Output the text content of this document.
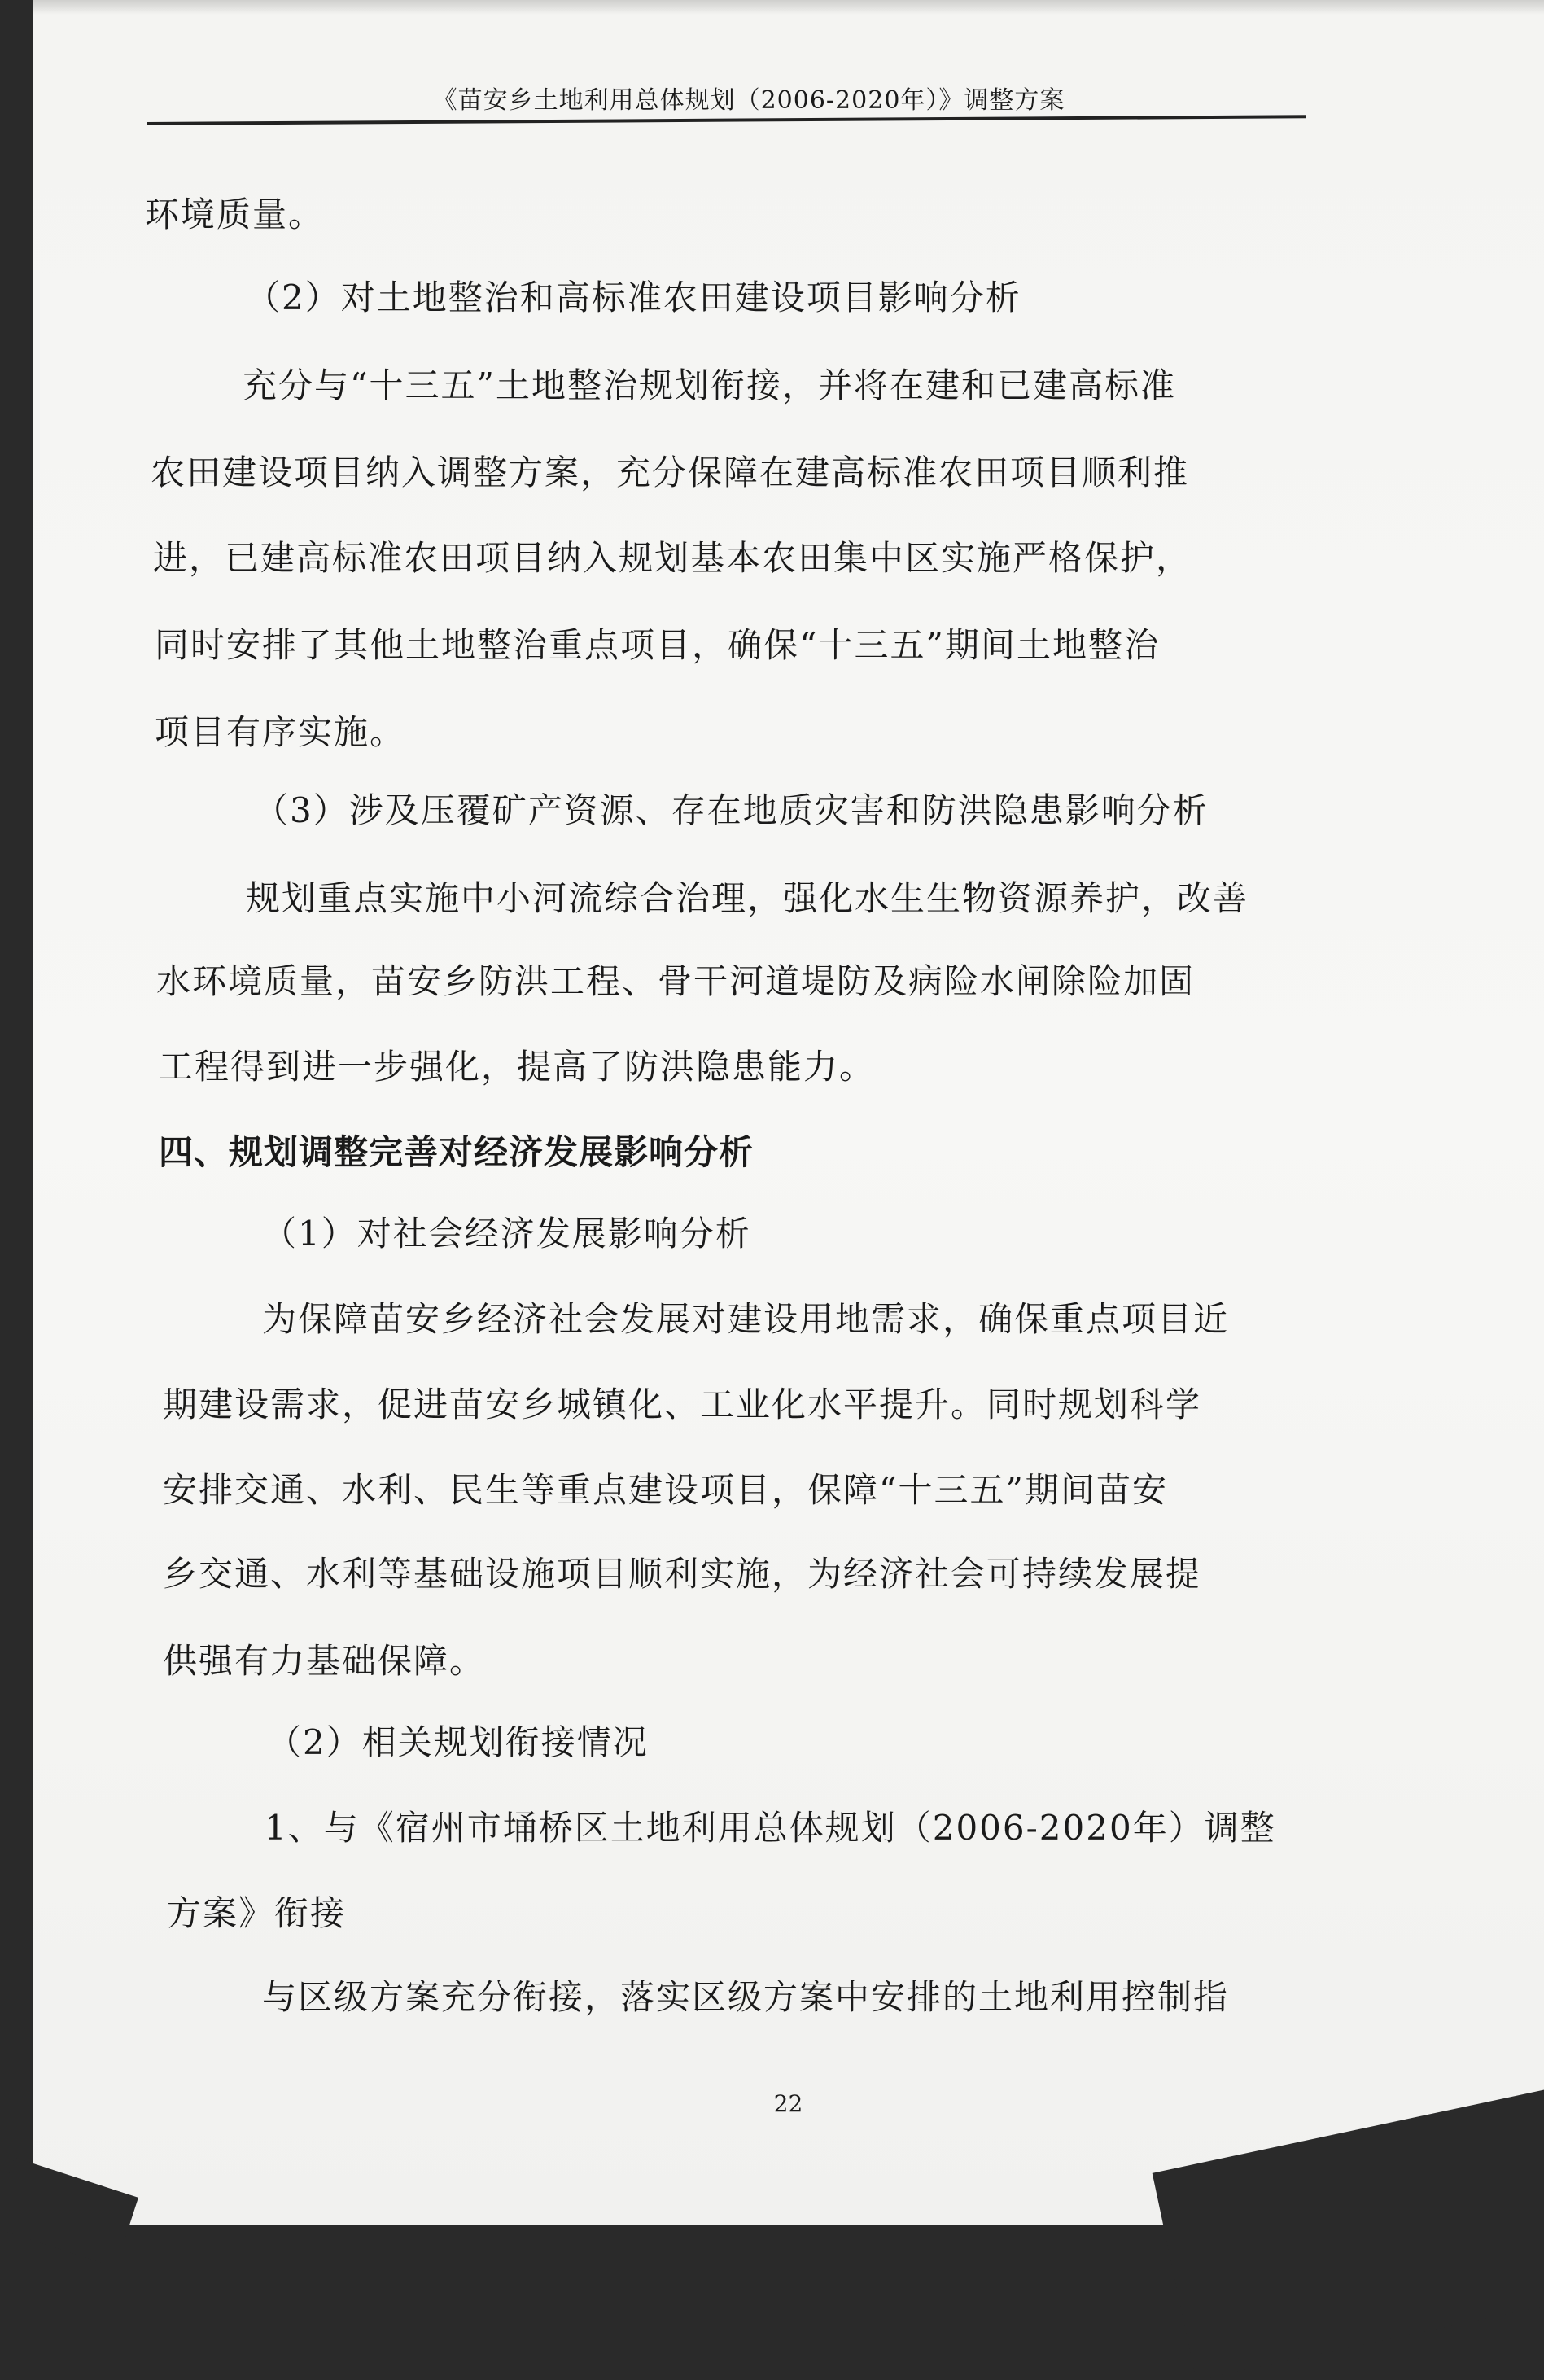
《苗安乡土地利用总体规划（2006-2020年）》调整方案
环境质量。
（2）对土地整治和高标准农田建设项目影响分析
充分与“十三五”土地整治规划衔接，并将在建和已建高标准
农田建设项目纳入调整方案，充分保障在建高标准农田项目顺利推
进，已建高标准农田项目纳入规划基本农田集中区实施严格保护，
同时安排了其他土地整治重点项目，确保“十三五”期间土地整治
项目有序实施。
（3）涉及压覆矿产资源、存在地质灾害和防洪隐患影响分析
规划重点实施中小河流综合治理，强化水生生物资源养护，改善
水环境质量，苗安乡防洪工程、骨干河道堤防及病险水闸除险加固
工程得到进一步强化，提高了防洪隐患能力。
四、规划调整完善对经济发展影响分析
（1）对社会经济发展影响分析
为保障苗安乡经济社会发展对建设用地需求，确保重点项目近
期建设需求，促进苗安乡城镇化、工业化水平提升。同时规划科学
安排交通、水利、民生等重点建设项目，保障“十三五”期间苗安
乡交通、水利等基础设施项目顺利实施，为经济社会可持续发展提
供强有力基础保障。
（2）相关规划衔接情况
1、与《宿州市埇桥区土地利用总体规划（2006-2020年）调整
方案》衔接
与区级方案充分衔接，落实区级方案中安排的土地利用控制指
22
